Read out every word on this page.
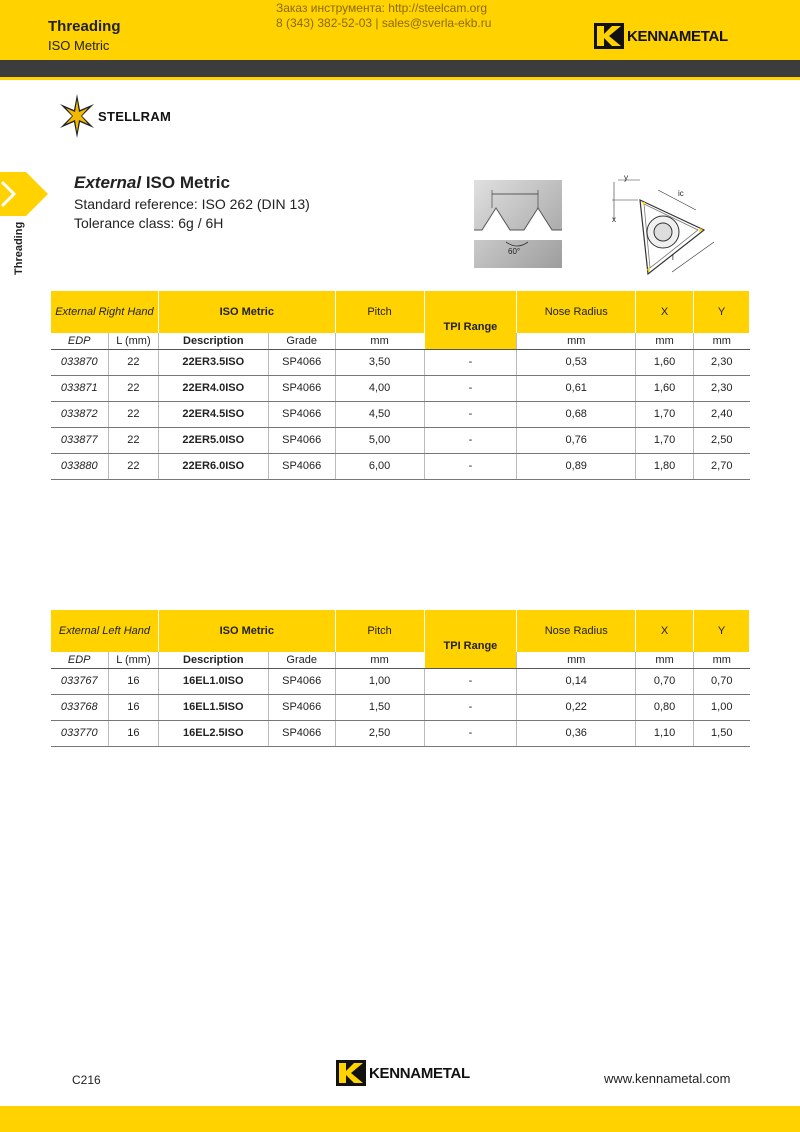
Threading
ISO Metric
Заказ инструмента: http://steelcam.org
8 (343) 382-52-03 | sales@sverla-ekb.ru
KENNAMETAL
STELLRAM
Threading
External ISO Metric
Standard reference: ISO 262 (DIN 13)
Tolerance class: 6g / 6H
60°
y
x
ic
l
External Right Hand		ISO Metric		Pitch	TPI Range	Nose Radius	X	Y
EDP	L (mm)	Description	Grade	mm		mm	mm	mm
033870	22	22ER3.5ISO	SP4066	3,50	-	0,53	1,60	2,30
033871	22	22ER4.0ISO	SP4066	4,00	-	0,61	1,60	2,30
033872	22	22ER4.5ISO	SP4066	4,50	-	0,68	1,70	2,40
033877	22	22ER5.0ISO	SP4066	5,00	-	0,76	1,70	2,50
033880	22	22ER6.0ISO	SP4066	6,00	-	0,89	1,80	2,70
External Left Hand		ISO Metric		Pitch	TPI Range	Nose Radius	X	Y
EDP	L (mm)	Description	Grade	mm		mm	mm	mm
033767	16	16EL1.0ISO	SP4066	1,00	-	0,14	0,70	0,70
033768	16	16EL1.5ISO	SP4066	1,50	-	0,22	0,80	1,00
033770	16	16EL2.5ISO	SP4066	2,50	-	0,36	1,10	1,50
C216	KENNAMETAL	www.kennametal.com
